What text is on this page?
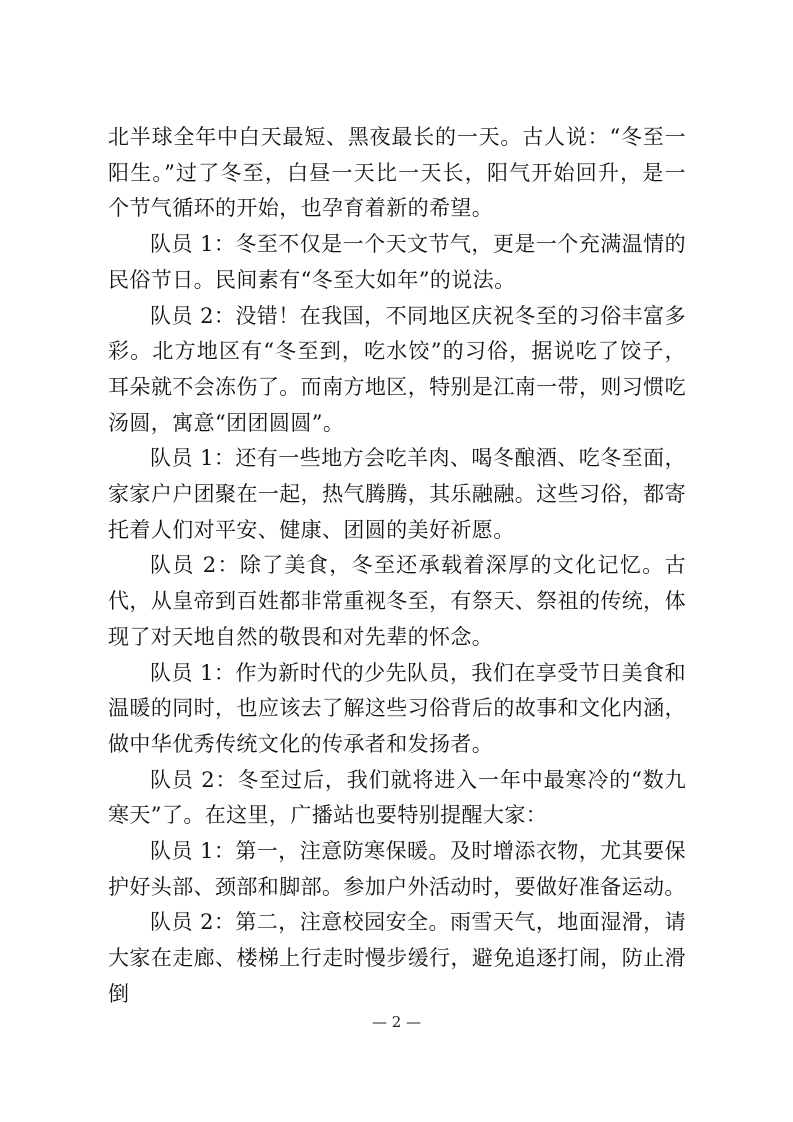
北半球全年中白天最短、黑夜最长的一天。古人说：“冬至一阳生。”过了冬至，白昼一天比一天长，阳气开始回升，是一个节气循环的开始，也孕育着新的希望。

队员 1：冬至不仅是一个天文节气，更是一个充满温情的民俗节日。民间素有“冬至大如年”的说法。

队员 2：没错！在我国，不同地区庆祝冬至的习俗丰富多彩。北方地区有“冬至到，吃水饺”的习俗，据说吃了饺子，耳朵就不会冻伤了。而南方地区，特别是江南一带，则习惯吃汤圆，寓意“团团圆圆”。

队员 1：还有一些地方会吃羊肉、喝冬酿酒、吃冬至面，家家户户团聚在一起，热气腾腾，其乐融融。这些习俗，都寄托着人们对平安、健康、团圆的美好祈愿。

队员 2：除了美食，冬至还承载着深厚的文化记忆。古代，从皇帝到百姓都非常重视冬至，有祭天、祭祖的传统，体现了对天地自然的敬畏和对先辈的怀念。

队员 1：作为新时代的少先队员，我们在享受节日美食和温暖的同时，也应该去了解这些习俗背后的故事和文化内涵，做中华优秀传统文化的传承者和发扬者。

队员 2：冬至过后，我们就将进入一年中最寒冷的“数九寒天”了。在这里，广播站也要特别提醒大家：

队员 1：第一，注意防寒保暖。及时增添衣物，尤其要保护好头部、颈部和脚部。参加户外活动时，要做好准备运动。

队员 2：第二，注意校园安全。雨雪天气，地面湿滑，请大家在走廊、楼梯上行走时慢步缓行，避免追逐打闹，防止滑倒

— 2 —
